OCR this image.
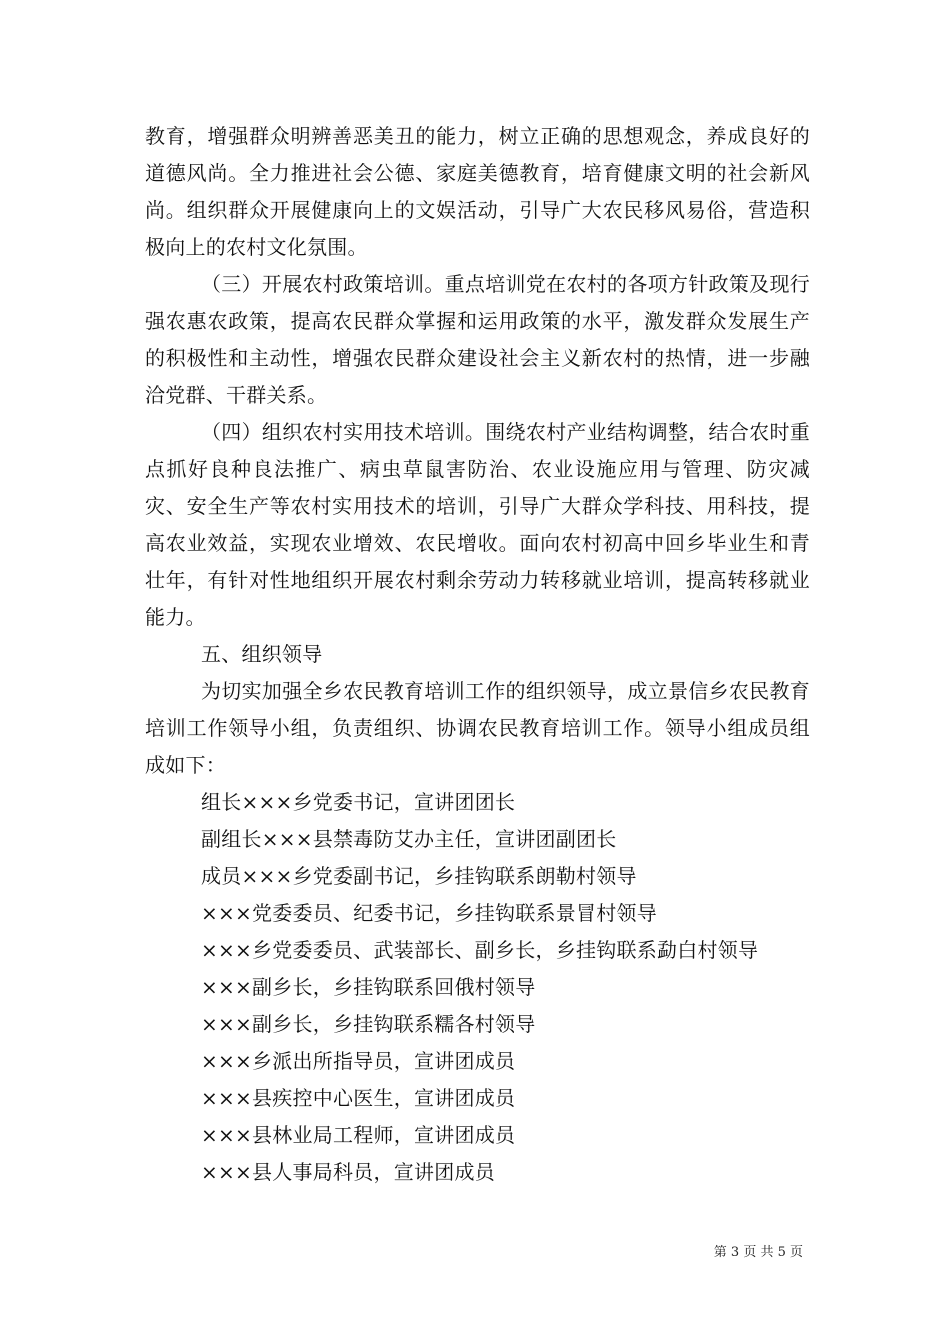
教育，增强群众明辨善恶美丑的能力，树立正确的思想观念，养成良好的道德风尚。全力推进社会公德、家庭美德教育，培育健康文明的社会新风尚。组织群众开展健康向上的文娱活动，引导广大农民移风易俗，营造积极向上的农村文化氛围。

（三）开展农村政策培训。重点培训党在农村的各项方针政策及现行强农惠农政策，提高农民群众掌握和运用政策的水平，激发群众发展生产的积极性和主动性，增强农民群众建设社会主义新农村的热情，进一步融洽党群、干群关系。

（四）组织农村实用技术培训。围绕农村产业结构调整，结合农时重点抓好良种良法推广、病虫草鼠害防治、农业设施应用与管理、防灾减灾、安全生产等农村实用技术的培训，引导广大群众学科技、用科技，提高农业效益，实现农业增效、农民增收。面向农村初高中回乡毕业生和青壮年，有针对性地组织开展农村剩余劳动力转移就业培训，提高转移就业能力。

五、组织领导

为切实加强全乡农民教育培训工作的组织领导，成立景信乡农民教育培训工作领导小组，负责组织、协调农民教育培训工作。领导小组成员组成如下：

组长×××乡党委书记，宣讲团团长

副组长×××县禁毒防艾办主任，宣讲团副团长

成员×××乡党委副书记，乡挂钩联系朗勒村领导

×××党委委员、纪委书记，乡挂钩联系景冒村领导

×××乡党委委员、武装部长、副乡长，乡挂钩联系勐白村领导

×××副乡长，乡挂钩联系回俄村领导

×××副乡长，乡挂钩联系糯各村领导

×××乡派出所指导员，宣讲团成员

×××县疾控中心医生，宣讲团成员

×××县林业局工程师，宣讲团成员

×××县人事局科员，宣讲团成员

第 3 页 共 5 页
